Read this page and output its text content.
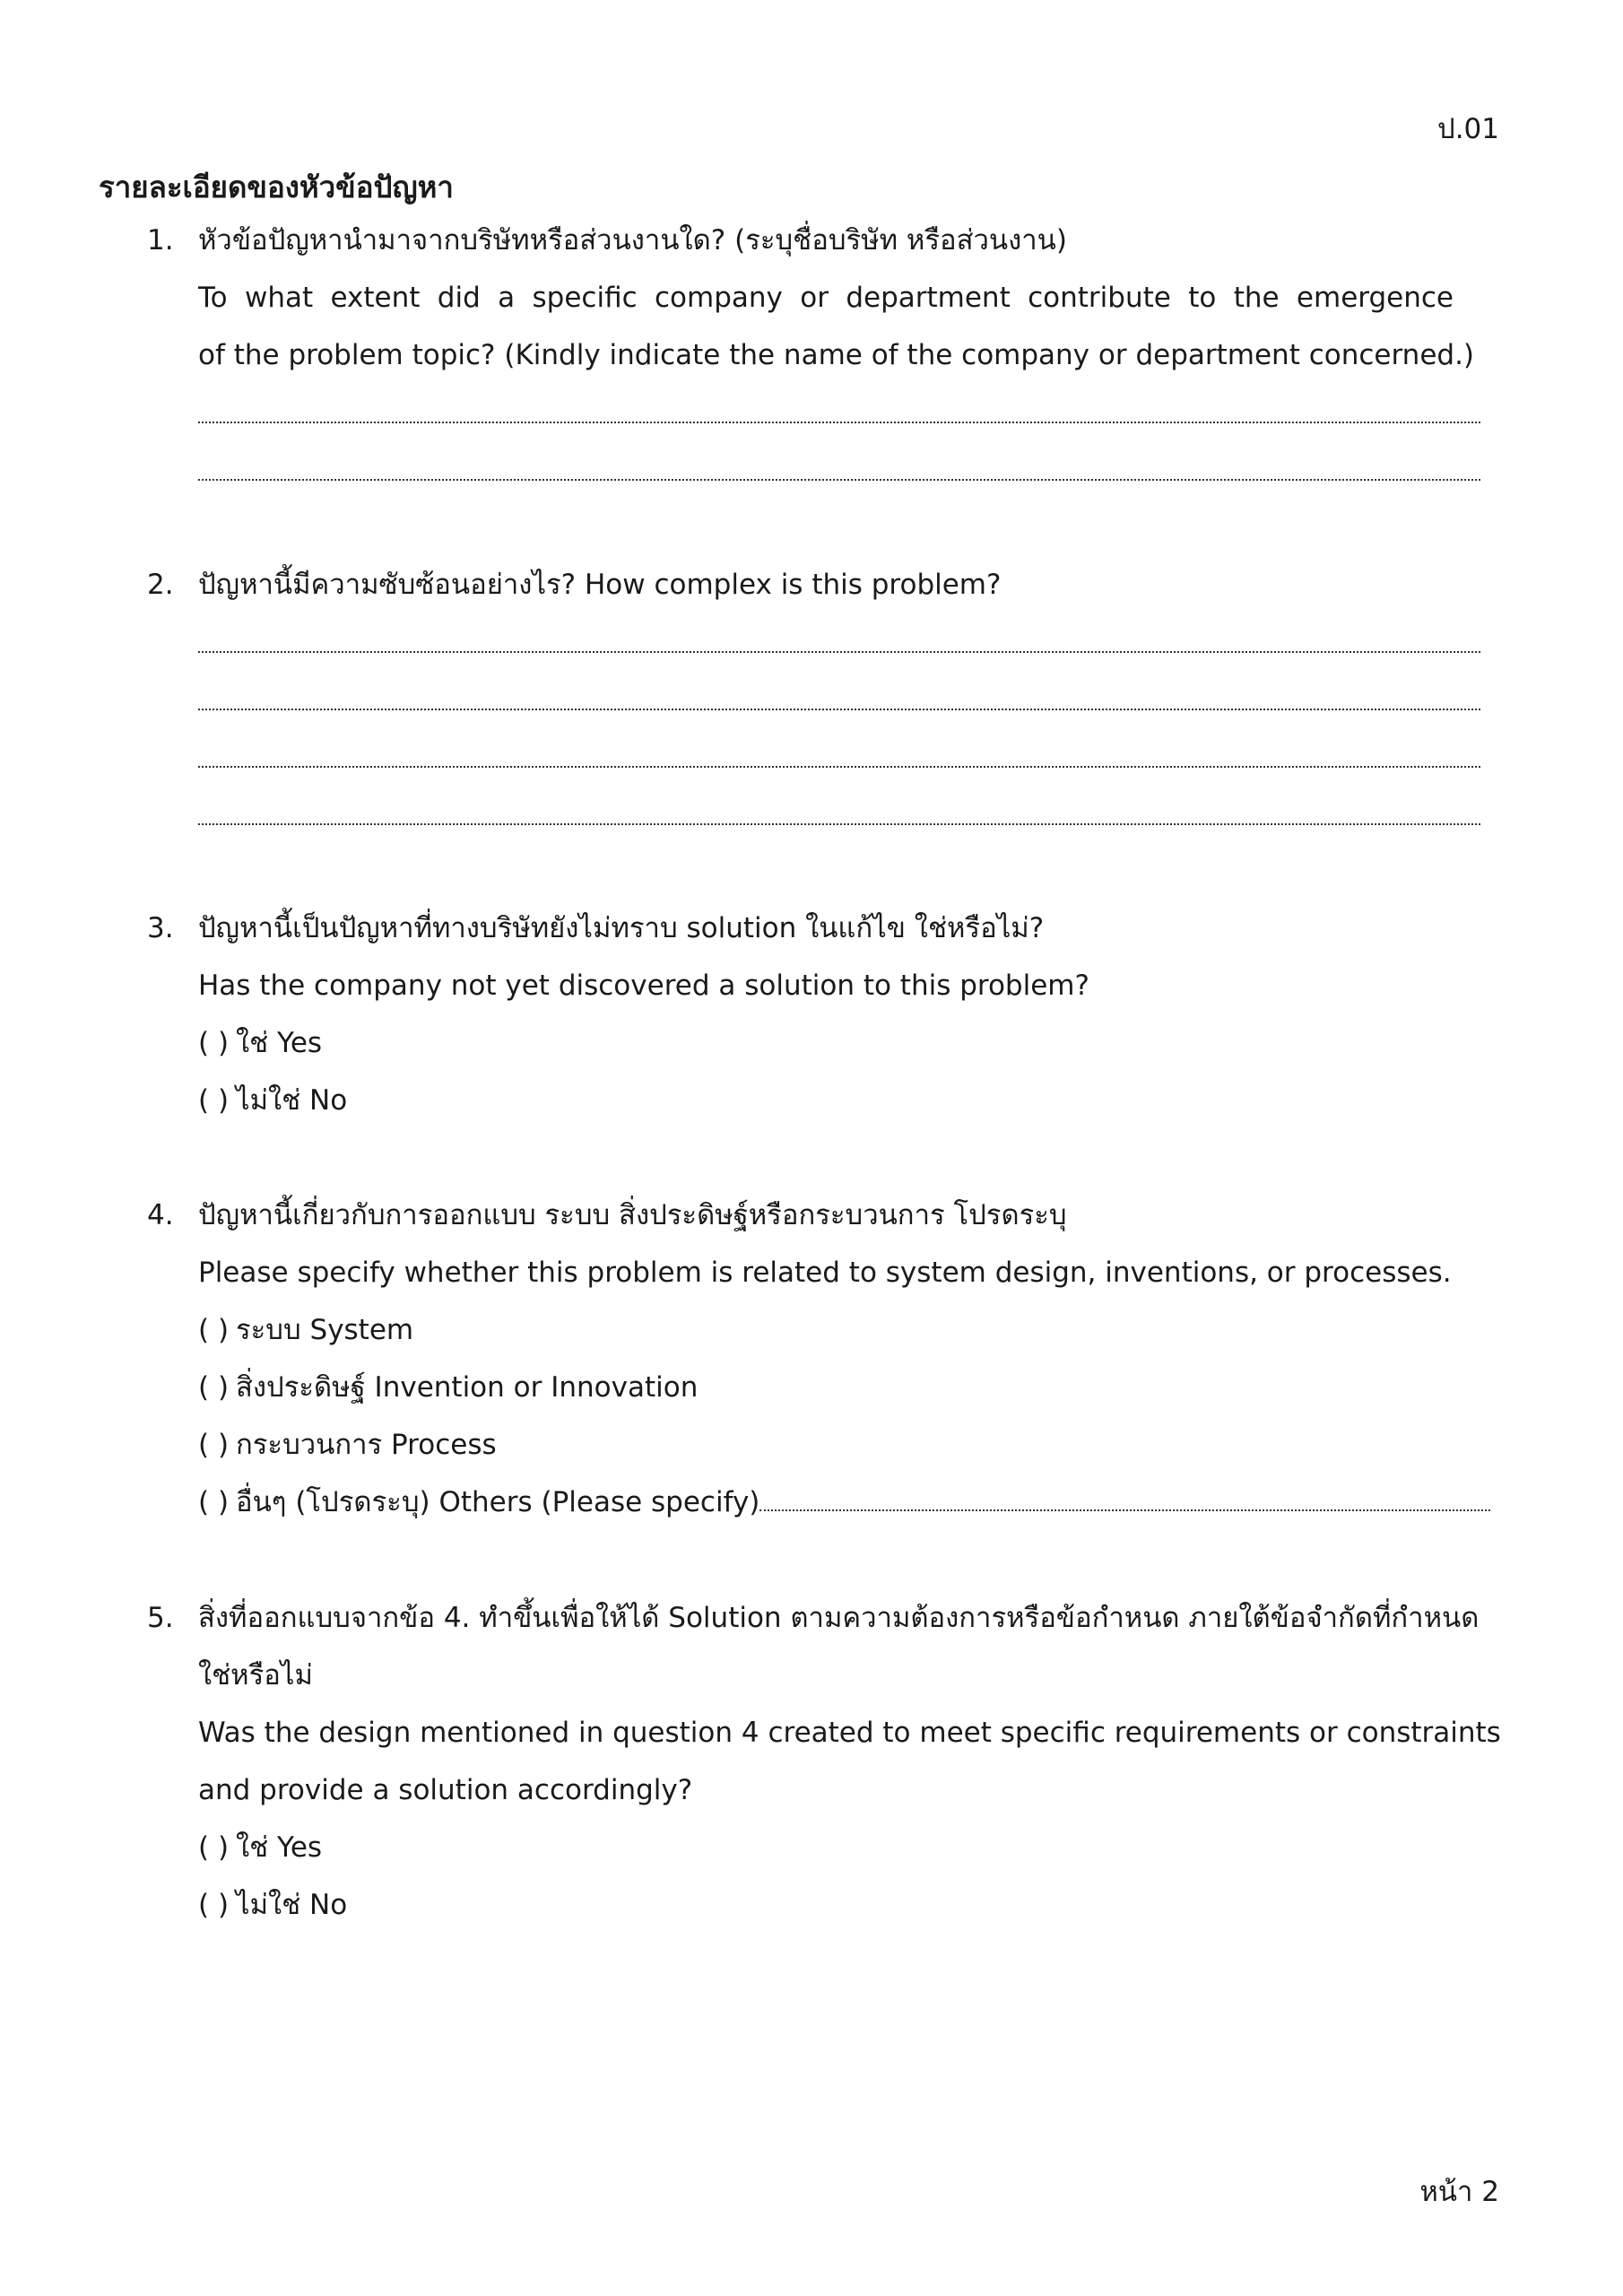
ป.01
รายละเอียดของหัวข้อปัญหา
1. หัวข้อปัญหานำมาจากบริษัทหรือส่วนงานใด? (ระบุชื่อบริษัท หรือส่วนงาน)
To what extent did a specific company or department contribute to the emergence
of the problem topic? (Kindly indicate the name of the company or department concerned.)
2. ปัญหานี้มีความซับซ้อนอย่างไร? How complex is this problem?
3. ปัญหานี้เป็นปัญหาที่ทางบริษัทยังไม่ทราบ solution ในแก้ไข ใช่หรือไม่?
Has the company not yet discovered a solution to this problem?
( ) ใช่ Yes
( ) ไม่ใช่ No
4. ปัญหานี้เกี่ยวกับการออกแบบ ระบบ สิ่งประดิษฐ์หรือกระบวนการ โปรดระบุ
Please specify whether this problem is related to system design, inventions, or processes.
( ) ระบบ System
( ) สิ่งประดิษฐ์ Invention or Innovation
( ) กระบวนการ Process
( ) อื่นๆ (โปรดระบุ) Others (Please specify)
5. สิ่งที่ออกแบบจากข้อ 4. ทำขึ้นเพื่อให้ได้ Solution ตามความต้องการหรือข้อกำหนด ภายใต้ข้อจำกัดที่กำหนด
ใช่หรือไม่
Was the design mentioned in question 4 created to meet specific requirements or constraints
and provide a solution accordingly?
( ) ใช่ Yes
( ) ไม่ใช่ No
หน้า 2
